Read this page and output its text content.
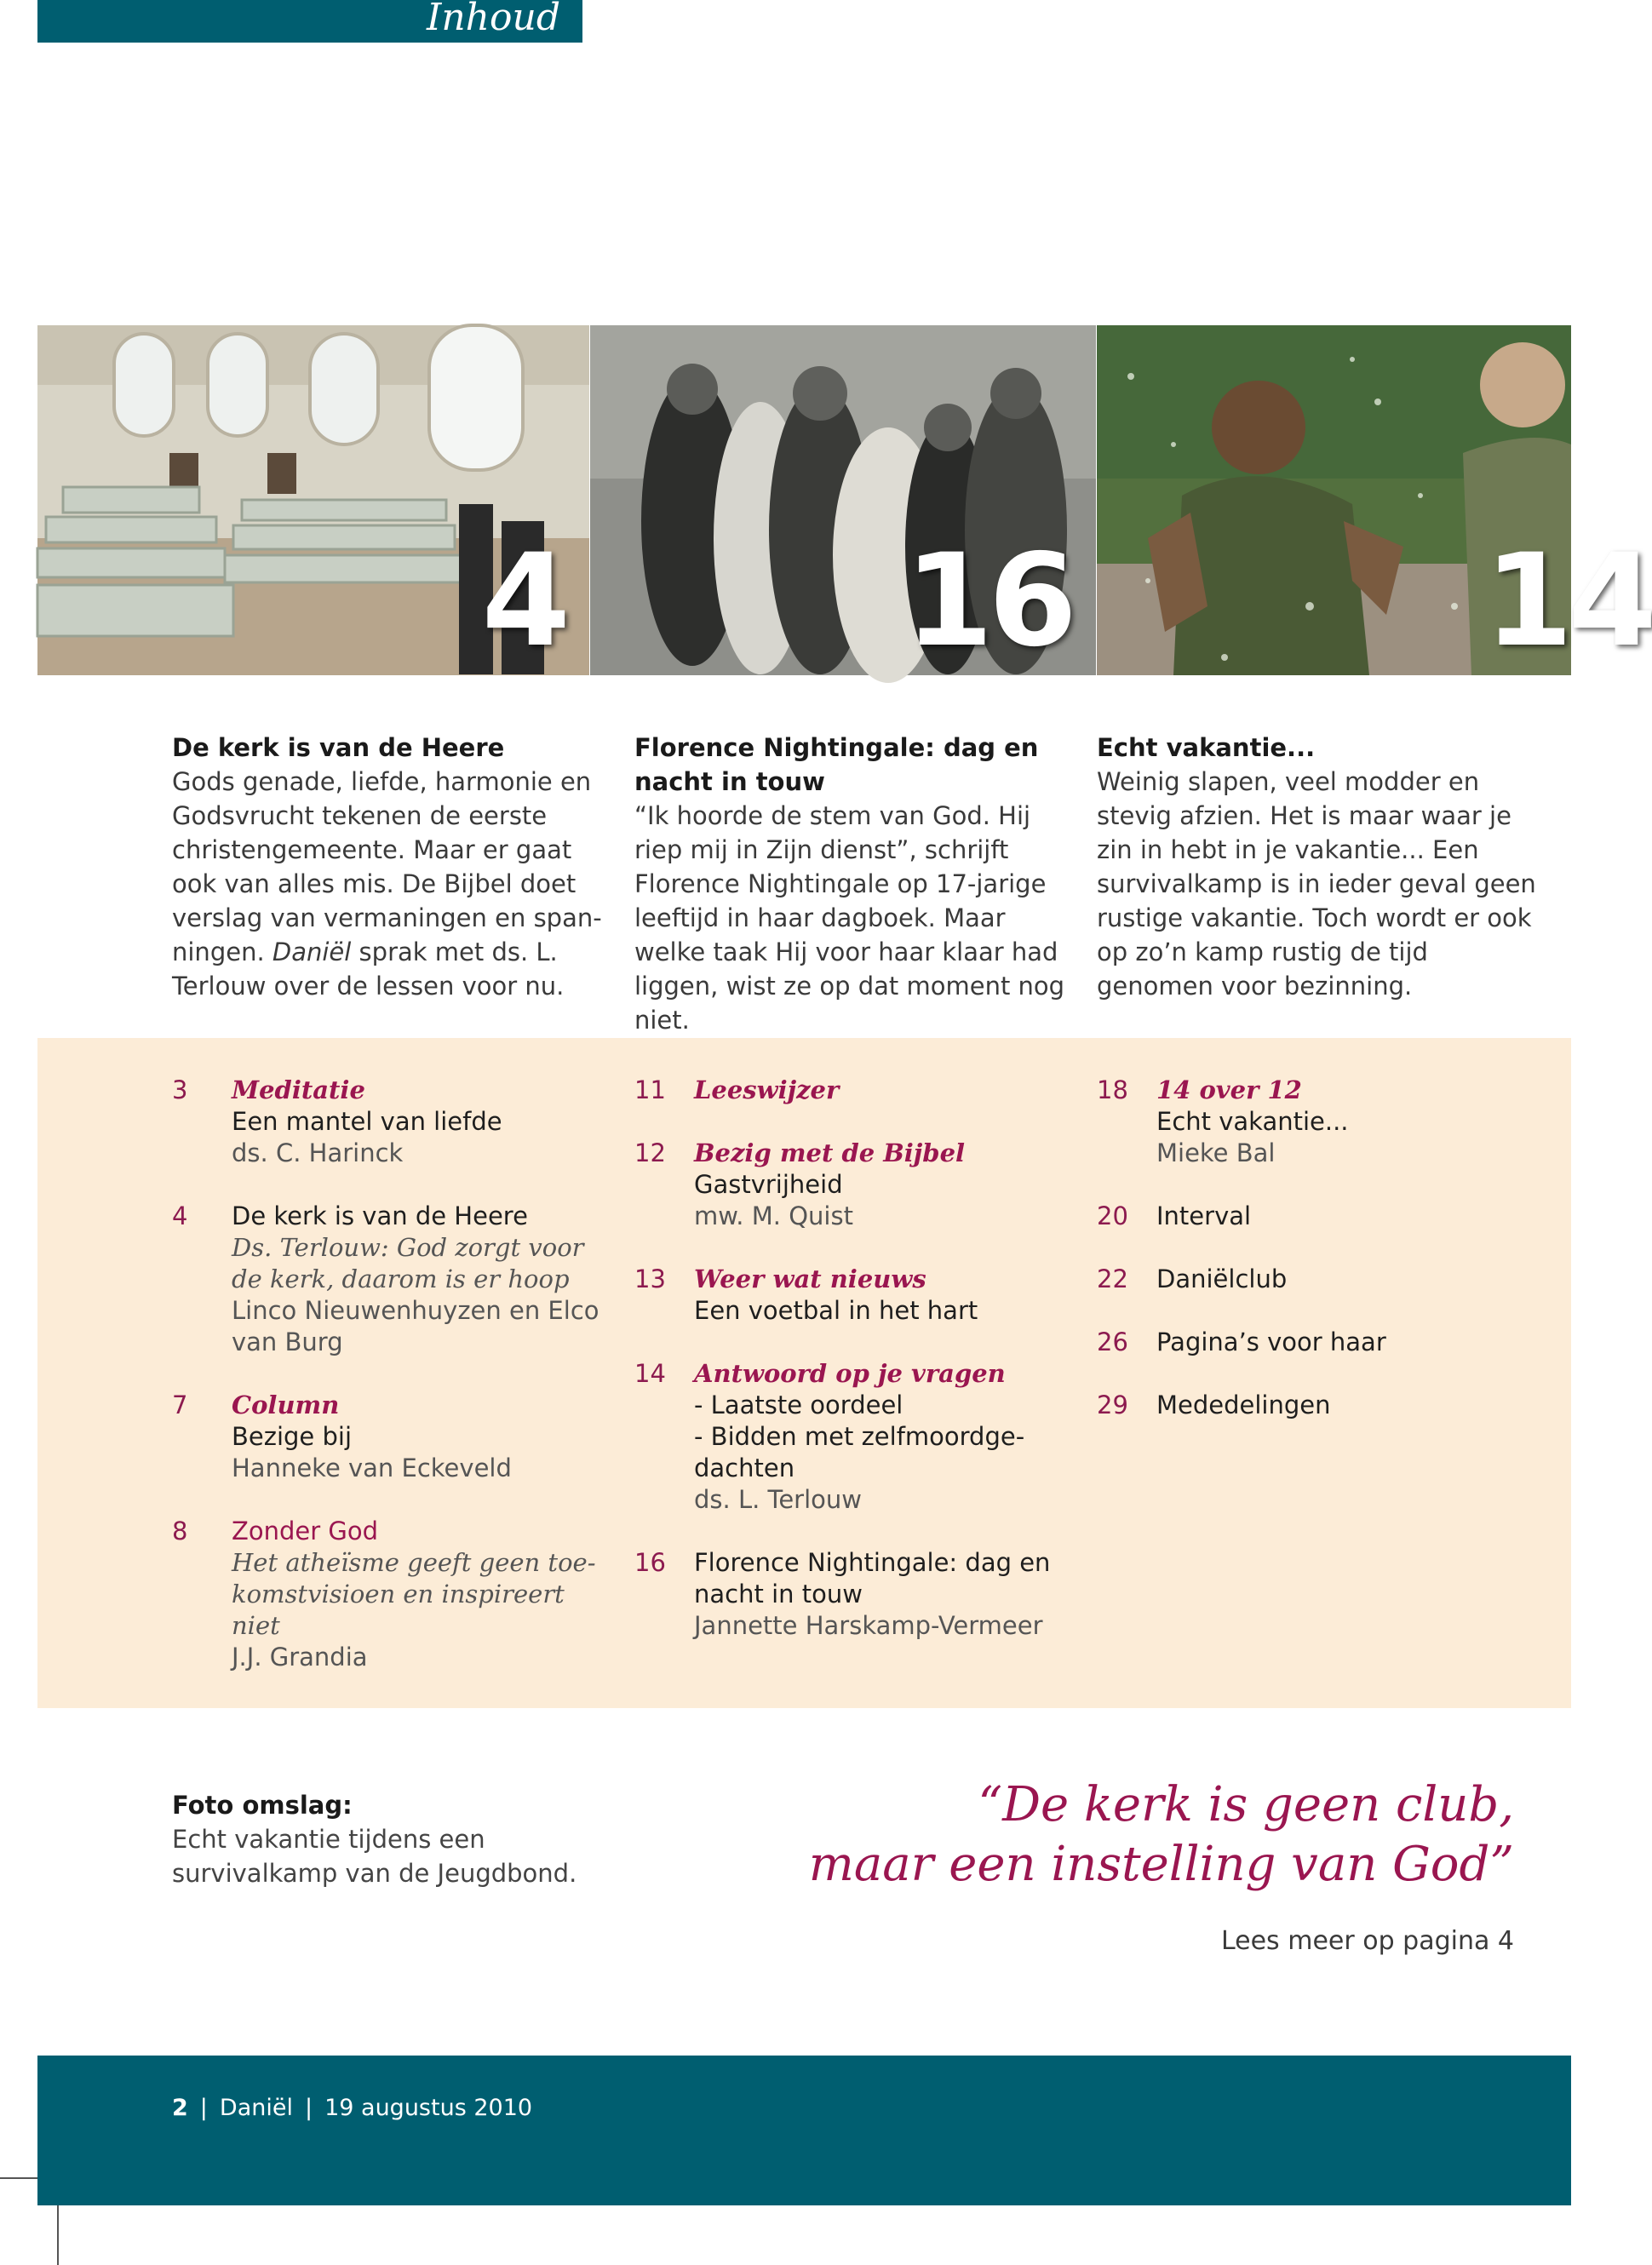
Inhoud
4	16	14
De kerk is van de Heere
Gods genade, liefde, harmonie en Godsvrucht tekenen de eerste christengemeente. Maar er gaat ook van alles mis. De Bijbel doet verslag van vermaningen en span-ningen. Daniël sprak met ds. L. Terlouw over de lessen voor nu.
Florence Nightingale: dag en nacht in touw
“Ik hoorde de stem van God. Hij riep mij in Zijn dienst”, schrijft Florence Nightingale op 17-jarige leeftijd in haar dagboek. Maar welke taak Hij voor haar klaar had liggen, wist ze op dat moment nog niet.
Echt vakantie...
Weinig slapen, veel modder en stevig afzien. Het is maar waar je zin in hebt in je vakantie... Een survivalkamp is in ieder geval geen rustige vakantie. Toch wordt er ook op zo’n kamp rustig de tijd genomen voor bezinning.
3 Meditatie
Een mantel van liefde
ds. C. Harinck
4 De kerk is van de Heere
Ds. Terlouw: God zorgt voor de kerk, daarom is er hoop
Linco Nieuwenhuyzen en Elco van Burg
7 Column
Bezige bij
Hanneke van Eckeveld
8 Zonder God
Het atheïsme geeft geen toe-komstvisioen en inspireert niet
J.J. Grandia
11 Leeswijzer
12 Bezig met de Bijbel
Gastvrijheid
mw. M. Quist
13 Weer wat nieuws
Een voetbal in het hart
14 Antwoord op je vragen
- Laatste oordeel
- Bidden met zelfmoordge-dachten
ds. L. Terlouw
16 Florence Nightingale: dag en nacht in touw
Jannette Harskamp-Vermeer
18 14 over 12
Echt vakantie...
Mieke Bal
20 Interval
22 Daniëlclub
26 Pagina’s voor haar
29 Mededelingen
Foto omslag:
Echt vakantie tijdens een survivalkamp van de Jeugdbond.
“De kerk is geen club,
maar een instelling van God”
Lees meer op pagina 4
2 | Daniël | 19 augustus 2010
